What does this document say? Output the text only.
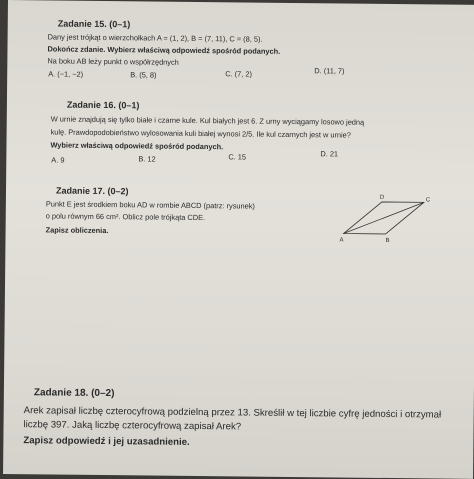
Zadanie 15. (0–1)
Dany jest trójkąt o wierzchołkach A = (1, 2), B = (7, 11), C = (8, 5).
Dokończ zdanie. Wybierz właściwą odpowiedź spośród podanych.
Na boku AB leży punkt o współrzędnych
A. (−1, −2)	B. (5, 8)	C. (7, 2)	D. (11, 7)
Zadanie 16. (0–1)
W urnie znajdują się tylko białe i czarne kule. Kul białych jest 6. Z urny wyciągamy losowo jedną
kulę. Prawdopodobieństwo wylosowania kuli białej wynosi 2/5. Ile kul czarnych jest w urnie?
Wybierz właściwą odpowiedź spośród podanych.
A. 9	B. 12	C. 15	D. 21
Zadanie 17. (0–2)
Punkt E jest środkiem boku AD w rombie ABCD (patrz: rysunek)
o polu równym 66 cm². Oblicz pole trójkąta CDE.
Zapisz obliczenia.
A	B
C
D
Zadanie 18. (0–2)
Arek zapisał liczbę czterocyfrową podzielną przez 13. Skreślił w tej liczbie cyfrę jedności i otrzymał
liczbę 397. Jaką liczbę czterocyfrową zapisał Arek?
Zapisz odpowiedź i jej uzasadnienie.
